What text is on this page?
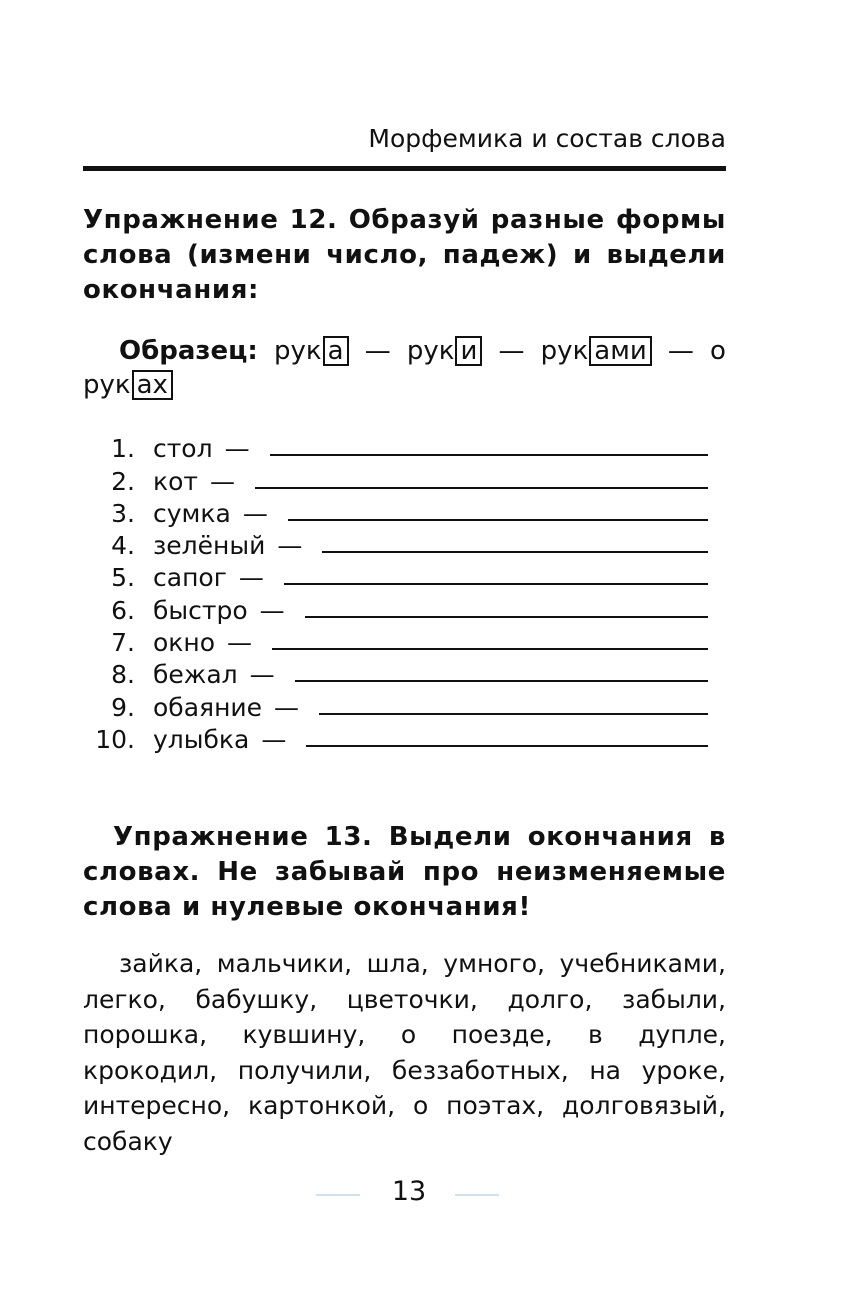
Морфемика и состав слова
Упражнение 12. Образуй разные формы слова (измени число, падеж) и выдели окончания:
Образец: рук а — рук и — рук ами — о
рук ах
1. стол —
2. кот —
3. сумка —
4. зелёный —
5. сапог —
6. быстро —
7. окно —
8. бежал —
9. обаяние —
10. улыбка —
Упражнение 13. Выдели окончания в словах. Не забывай про неизменяемые слова и нулевые окончания!
зайка, мальчики, шла, умного, учебниками, легко, бабушку, цветочки, долго, забыли, порошка, кувшину, о поезде, в дупле, крокодил, получили, беззаботных, на уроке, интересно, картонкой, о поэтах, долговязый, собаку
13
